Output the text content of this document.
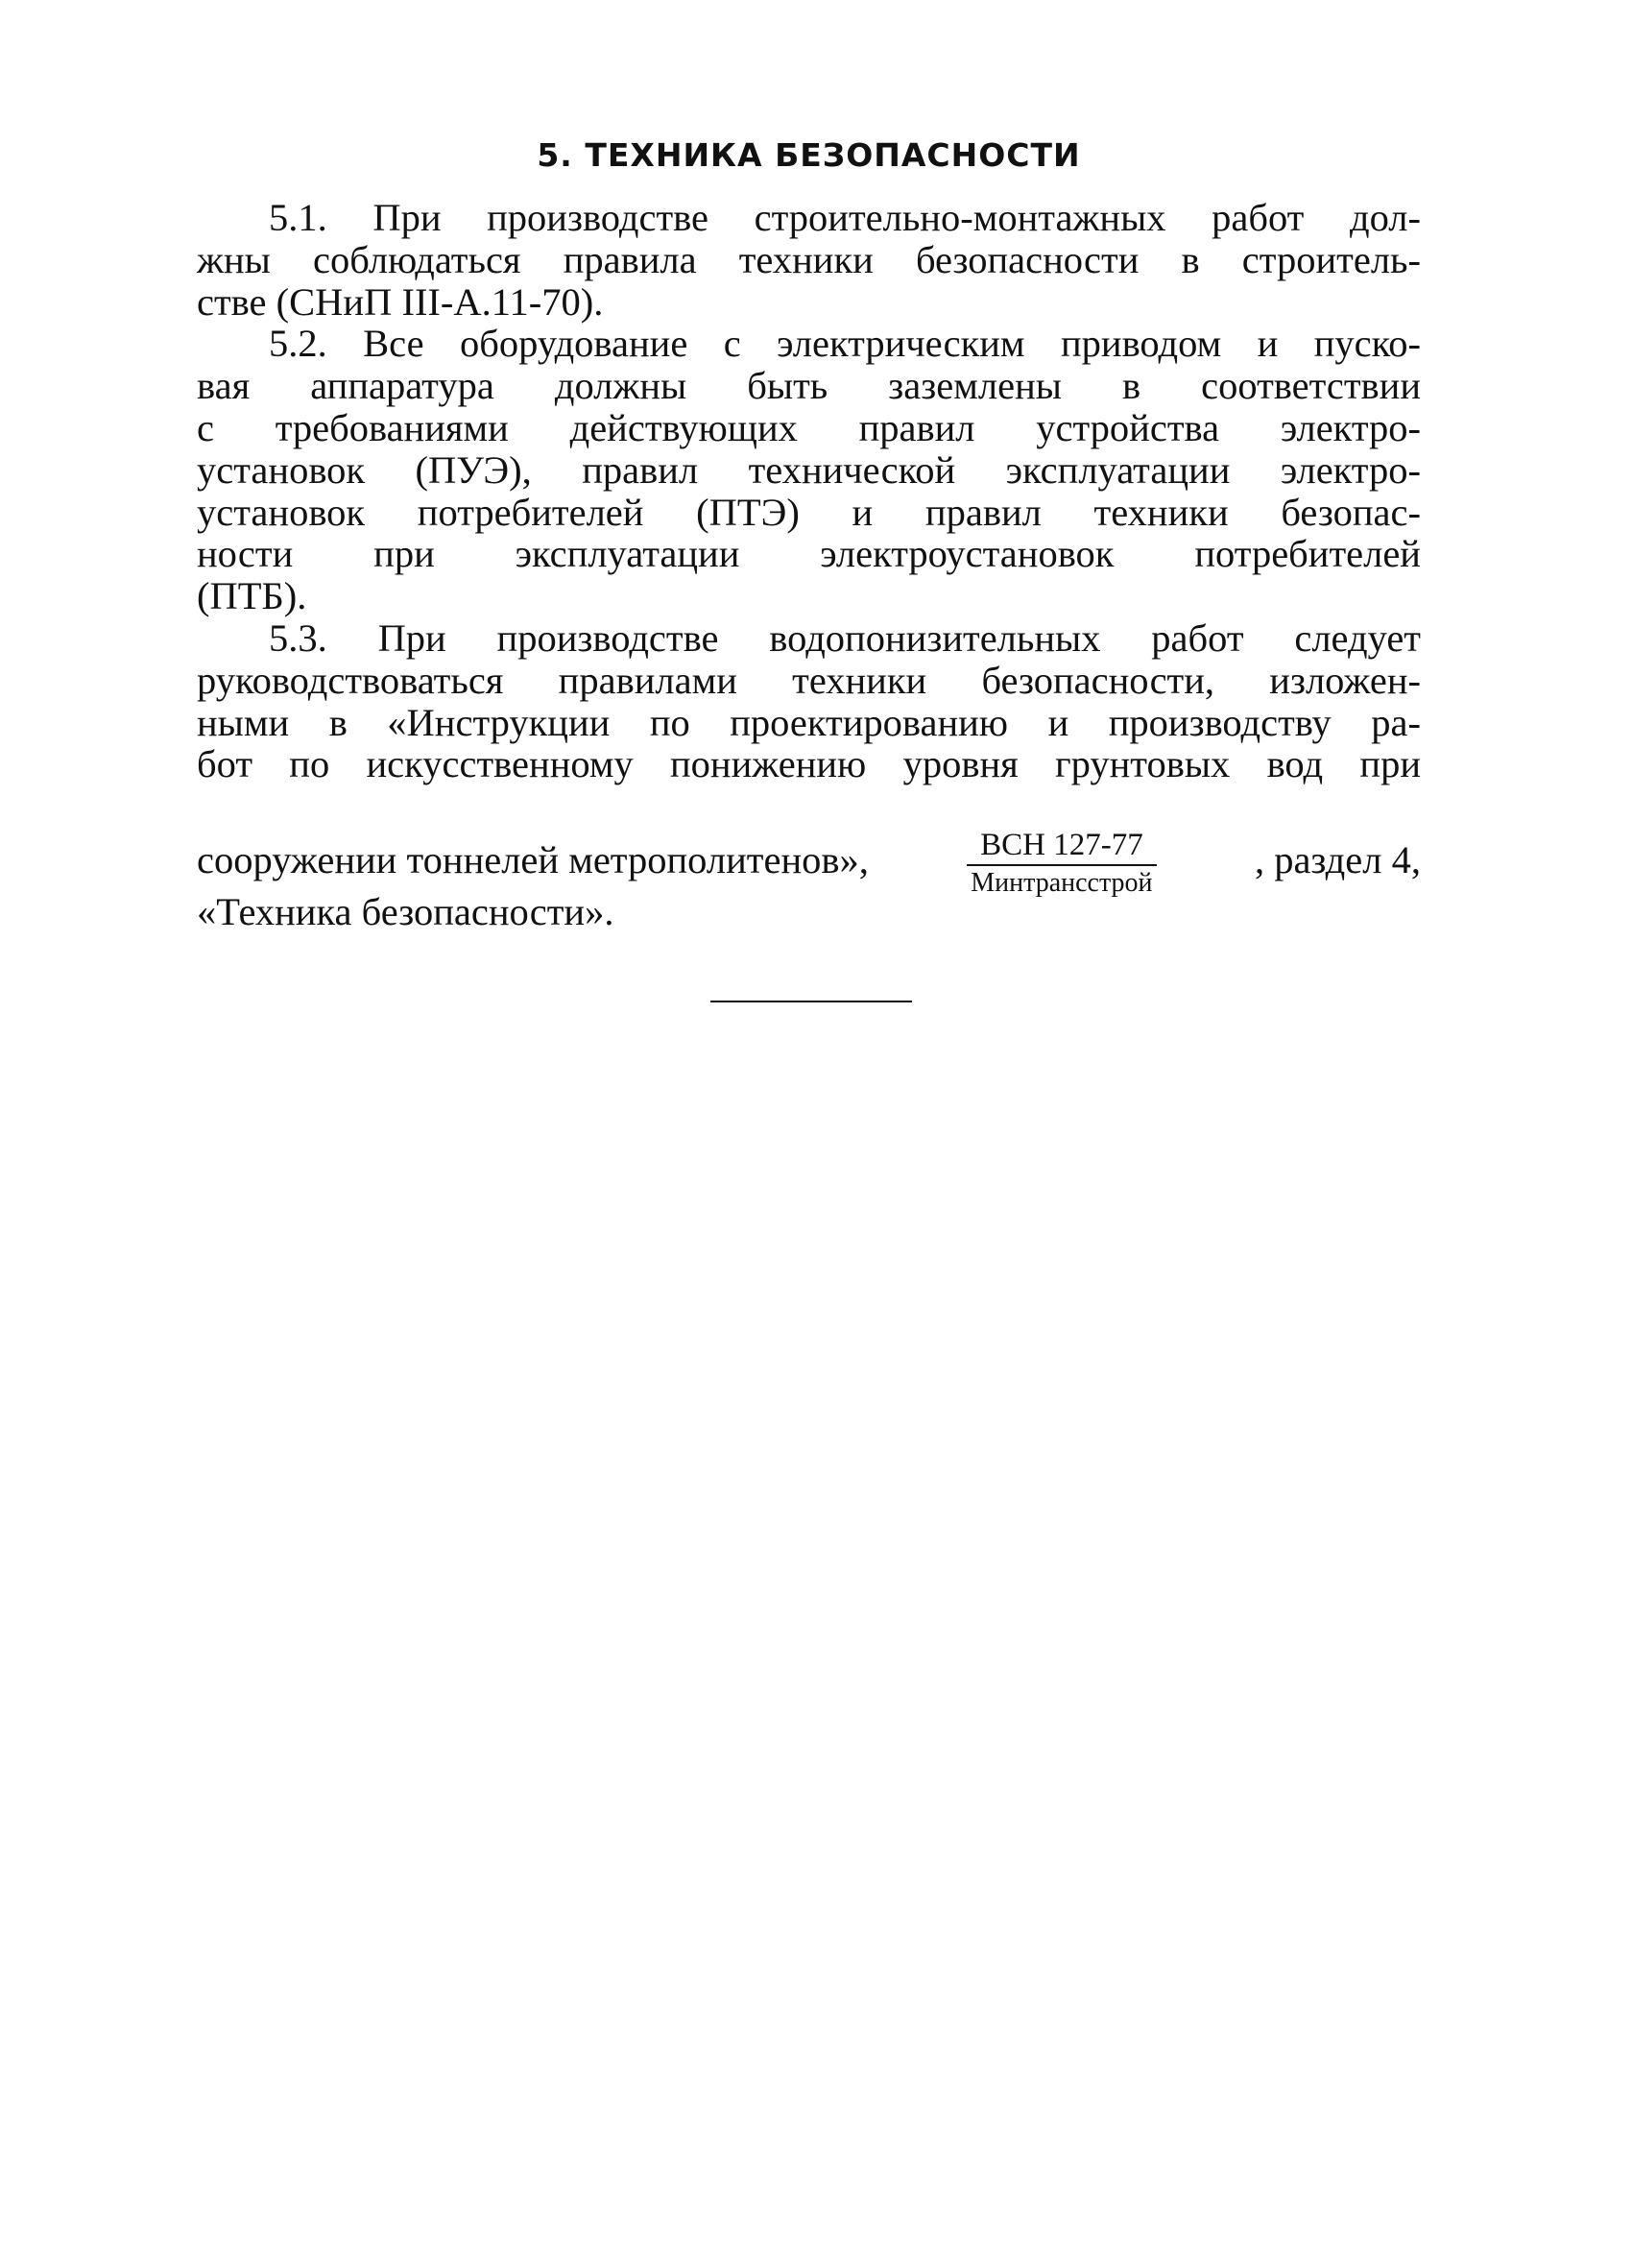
5. ТЕХНИКА БЕЗОПАСНОСТИ
5.1. При производстве строительно-монтажных работ дол-
жны соблюдаться правила техники безопасности в строитель-
стве (СНиП III-А.11-70).
5.2. Все оборудование с электрическим приводом и пуско-
вая аппаратура должны быть заземлены в соответствии
с требованиями действующих правил устройства электро-
установок (ПУЭ), правил технической эксплуатации электро-
установок потребителей (ПТЭ) и правил техники безопас-
ности при эксплуатации электроустановок потребителей
(ПТБ).
5.3. При производстве водопонизительных работ следует
руководствоваться правилами техники безопасности, изложен-
ными в «Инструкции по проектированию и производству ра-
бот по искусственному понижению уровня грунтовых вод при
сооружении тоннелей метрополитенов»,	$\frac{\text{ВСН 127-77}}{\text{Минтрансстрой}}$	, раздел 4,
«Техника безопасности».
